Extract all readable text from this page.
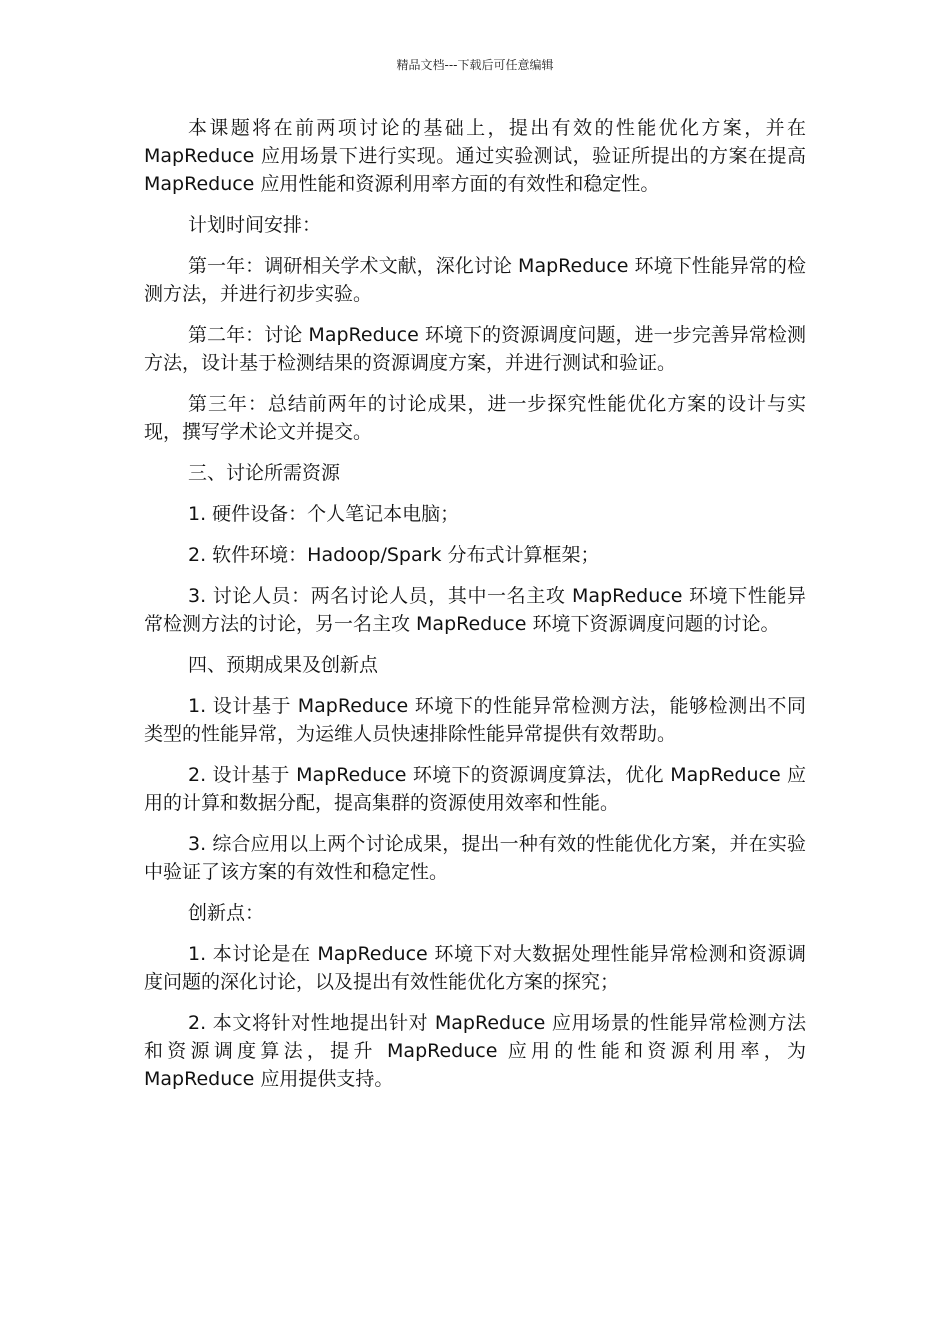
精品文档---下载后可任意编辑

本课题将在前两项讨论的基础上，提出有效的性能优化方案，并在 MapReduce 应用场景下进行实现。通过实验测试，验证所提出的方案在提高 MapReduce 应用性能和资源利用率方面的有效性和稳定性。

计划时间安排：

第一年：调研相关学术文献，深化讨论 MapReduce 环境下性能异常的检测方法，并进行初步实验。

第二年：讨论 MapReduce 环境下的资源调度问题，进一步完善异常检测方法，设计基于检测结果的资源调度方案，并进行测试和验证。

第三年：总结前两年的讨论成果，进一步探究性能优化方案的设计与实现，撰写学术论文并提交。

三、讨论所需资源

1. 硬件设备：个人笔记本电脑；

2. 软件环境：Hadoop/Spark 分布式计算框架；

3. 讨论人员：两名讨论人员，其中一名主攻 MapReduce 环境下性能异常检测方法的讨论，另一名主攻 MapReduce 环境下资源调度问题的讨论。

四、预期成果及创新点

1. 设计基于 MapReduce 环境下的性能异常检测方法，能够检测出不同类型的性能异常，为运维人员快速排除性能异常提供有效帮助。

2. 设计基于 MapReduce 环境下的资源调度算法，优化 MapReduce 应用的计算和数据分配，提高集群的资源使用效率和性能。

3. 综合应用以上两个讨论成果，提出一种有效的性能优化方案，并在实验中验证了该方案的有效性和稳定性。

创新点：

1. 本讨论是在 MapReduce 环境下对大数据处理性能异常检测和资源调度问题的深化讨论，以及提出有效性能优化方案的探究；

2. 本文将针对性地提出针对 MapReduce 应用场景的性能异常检测方法和资源调度算法，提升 MapReduce 应用的性能和资源利用率，为 MapReduce 应用提供支持。
